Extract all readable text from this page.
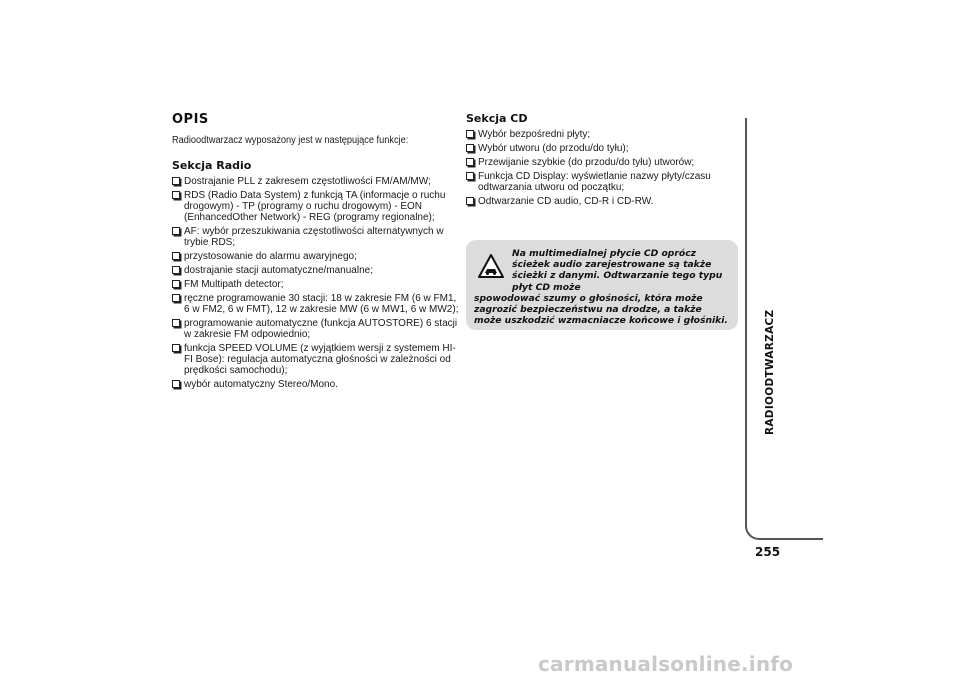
OPIS
Radioodtwarzacz wyposażony jest w następujące funkcje:
Sekcja Radio
Dostrajanie PLL z zakresem częstotliwości FM/AM/MW;
RDS (Radio Data System) z funkcją TA (informacje o ruchu drogowym) - TP (programy o ruchu drogowym) - EON (EnhancedOther Network) - REG (programy regionalne);
AF: wybór przeszukiwania częstotliwości alternatywnych w trybie RDS;
przystosowanie do alarmu awaryjnego;
dostrajanie stacji automatyczne/manualne;
FM Multipath detector;
ręczne programowanie 30 stacji: 18 w zakresie FM (6 w FM1, 6 w FM2, 6 w FMT), 12 w zakresie MW (6 w MW1, 6 w MW2);
programowanie automatyczne (funkcja AUTOSTORE) 6 stacji w zakresie FM odpowiednio;
funkcja SPEED VOLUME (z wyjątkiem wersji z systemem HI-FI Bose): regulacja automatyczna głośności w zależności od prędkości samochodu);
wybór automatyczny Stereo/Mono.
Sekcja CD
Wybór bezpośredni płyty;
Wybór utworu (do przodu/do tyłu);
Przewijanie szybkie (do przodu/do tyłu) utworów;
Funkcja CD Display: wyświetlanie nazwy płyty/czasu odtwarzania utworu od początku;
Odtwarzanie CD audio, CD-R i CD-RW.
Na multimedialnej płycie CD oprócz ścieżek audio zarejestrowane są także ścieżki z danymi. Odtwarzanie tego typu płyt CD może
spowodować szumy o głośności, która może zagrozić bezpieczeństwu na drodze, a także może uszkodzić wzmacniacze końcowe i głośniki.	RADIOODTWARZACZ
255
carmanualsonline.info
